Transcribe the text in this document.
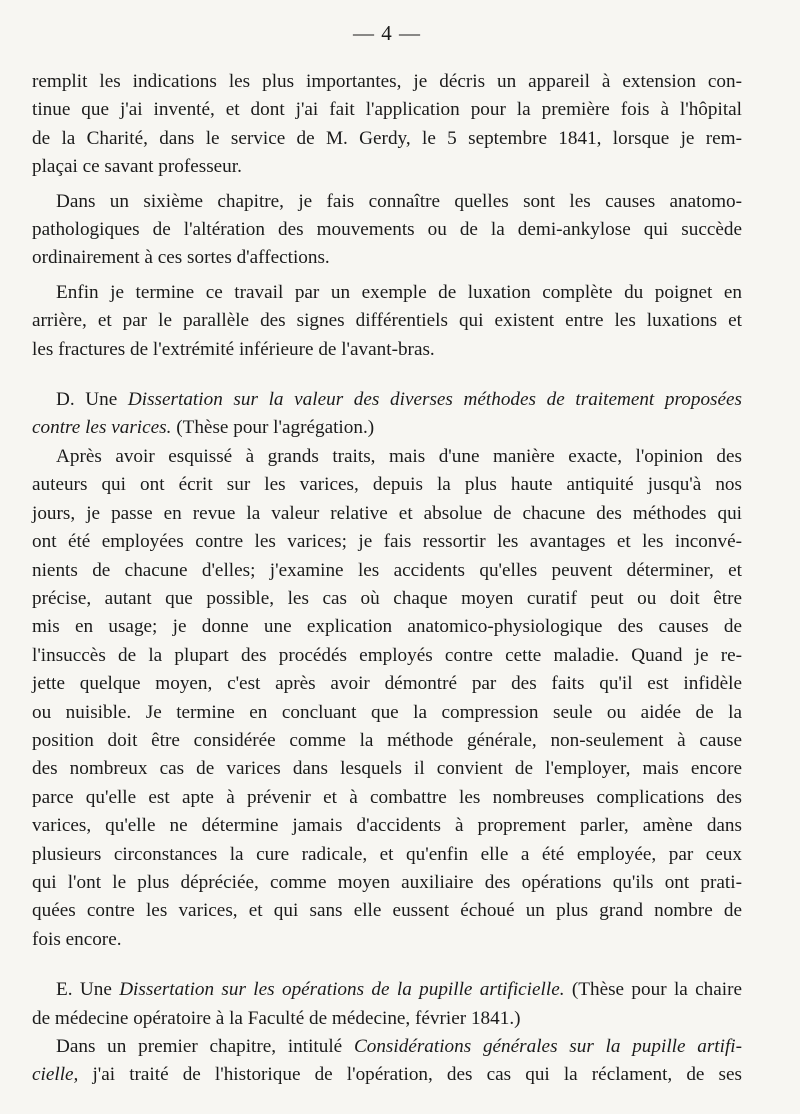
— 4 —

remplit les indications les plus importantes, je décris un appareil à extension con-
tinue que j'ai inventé, et dont j'ai fait l'application pour la première fois à l'hôpital
de la Charité, dans le service de M. Gerdy, le 5 septembre 1841, lorsque je rem-
plaçai ce savant professeur.

Dans un sixième chapitre, je fais connaître quelles sont les causes anatomo-
pathologiques de l'altération des mouvements ou de la demi-ankylose qui succède
ordinairement à ces sortes d'affections.

Enfin je termine ce travail par un exemple de luxation complète du poignet en
arrière, et par le parallèle des signes différentiels qui existent entre les luxations et
les fractures de l'extrémité inférieure de l'avant-bras.

D. Une Dissertation sur la valeur des diverses méthodes de traitement proposées
contre les varices. (Thèse pour l'agrégation.)

Après avoir esquissé à grands traits, mais d'une manière exacte, l'opinion des
auteurs qui ont écrit sur les varices, depuis la plus haute antiquité jusqu'à nos
jours, je passe en revue la valeur relative et absolue de chacune des méthodes qui
ont été employées contre les varices; je fais ressortir les avantages et les inconvé-
nients de chacune d'elles; j'examine les accidents qu'elles peuvent déterminer, et
précise, autant que possible, les cas où chaque moyen curatif peut ou doit être
mis en usage; je donne une explication anatomico-physiologique des causes de
l'insuccès de la plupart des procédés employés contre cette maladie. Quand je re-
jette quelque moyen, c'est après avoir démontré par des faits qu'il est infidèle
ou nuisible. Je termine en concluant que la compression seule ou aidée de la
position doit être considérée comme la méthode générale, non-seulement à cause
des nombreux cas de varices dans lesquels il convient de l'employer, mais encore
parce qu'elle est apte à prévenir et à combattre les nombreuses complications des
varices, qu'elle ne détermine jamais d'accidents à proprement parler, amène dans
plusieurs circonstances la cure radicale, et qu'enfin elle a été employée, par ceux
qui l'ont le plus dépréciée, comme moyen auxiliaire des opérations qu'ils ont prati-
quées contre les varices, et qui sans elle eussent échoué un plus grand nombre de
fois encore.

E. Une Dissertation sur les opérations de la pupille artificielle. (Thèse pour la chaire
de médecine opératoire à la Faculté de médecine, février 1841.)

Dans un premier chapitre, intitulé Considérations générales sur la pupille artifi-
cielle, j'ai traité de l'historique de l'opération, des cas qui la réclament, de ses
